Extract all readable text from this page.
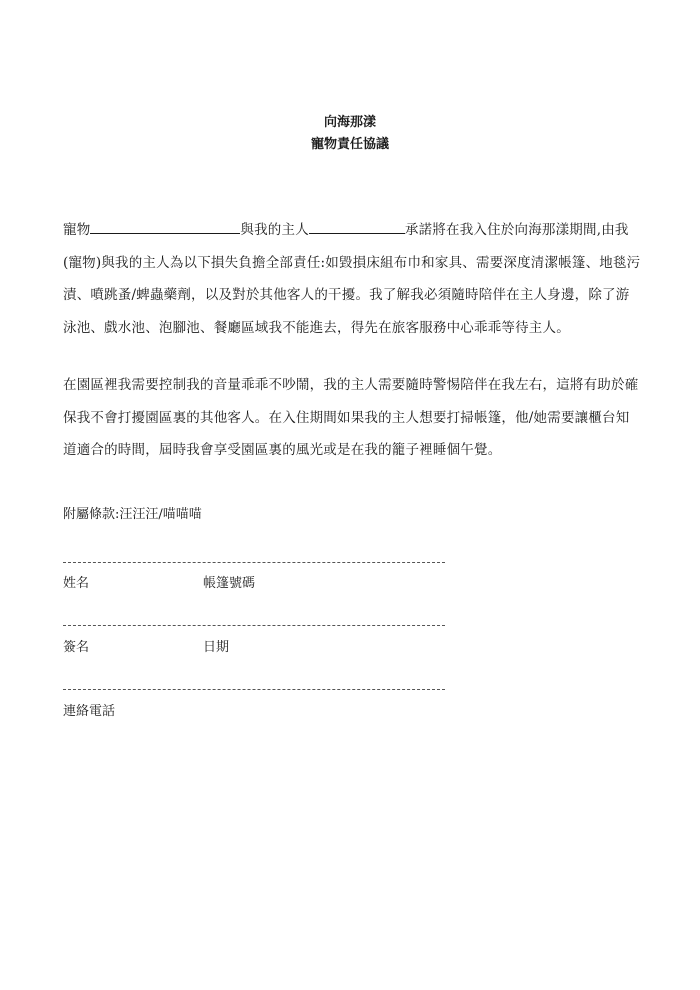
向海那漾
寵物責任協議

寵物	與我的主人	承諾將在我入住於向海那漾期間,由我(寵物)與我的主人為以下損失負擔全部責任:如毀損床組布巾和家具、需要深度清潔帳篷、地毯污漬、噴跳蚤/蜱蟲藥劑，以及對於其他客人的干擾。我了解我必須隨時陪伴在主人身邊，除了游泳池、戲水池、泡腳池、餐廳區域我不能進去，得先在旅客服務中心乖乖等待主人。

在園區裡我需要控制我的音量乖乖不吵鬧，我的主人需要隨時警惕陪伴在我左右，這將有助於確保我不會打擾園區裏的其他客人。在入住期間如果我的主人想要打掃帳篷，他/她需要讓櫃台知道適合的時間，屆時我會享受園區裏的風光或是在我的籠子裡睡個午覺。

附屬條款:汪汪汪/喵喵喵
姓名	帳篷號碼
簽名	日期
連絡電話
